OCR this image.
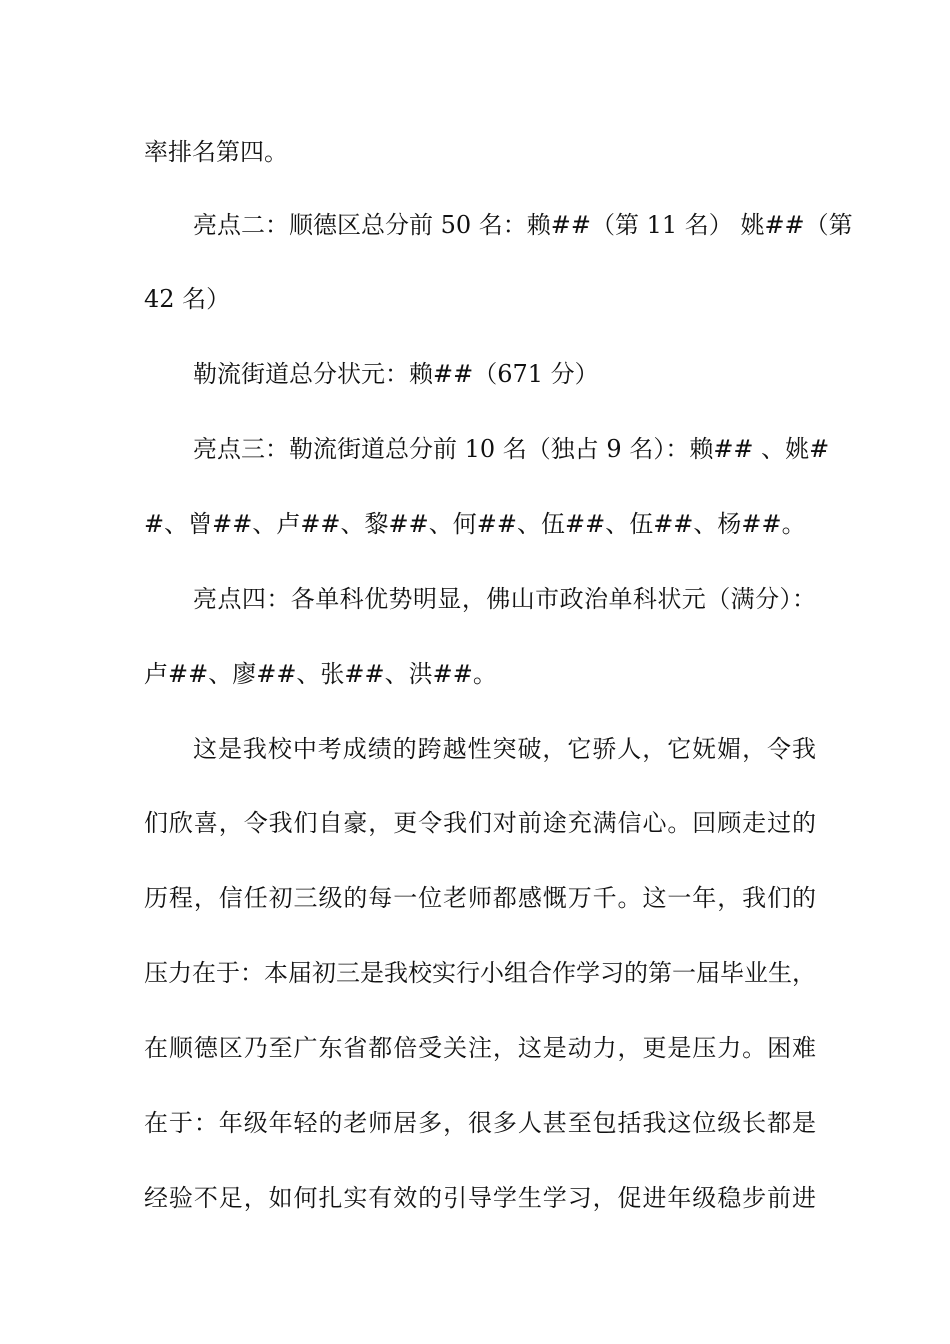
率排名第四。
亮点二：顺德区总分前 50 名：赖##（第 11 名） 姚##（第
42 名）
勒流街道总分状元：赖##（671 分）
亮点三：勒流街道总分前 10 名（独占 9 名）：赖## 、姚#
#、曾##、卢##、黎##、何##、伍##、伍##、杨##。
亮点四：各单科优势明显，佛山市政治单科状元（满分）：
卢##、廖##、张##、洪##。
这是我校中考成绩的跨越性突破，它骄人，它妩媚，令我
们欣喜，令我们自豪，更令我们对前途充满信心。回顾走过的
历程，信任初三级的每一位老师都感慨万千。这一年，我们的
压力在于：本届初三是我校实行小组合作学习的第一届毕业生，
在顺德区乃至广东省都倍受关注，这是动力，更是压力。困难
在于：年级年轻的老师居多，很多人甚至包括我这位级长都是
经验不足，如何扎实有效的引导学生学习，促进年级稳步前进
